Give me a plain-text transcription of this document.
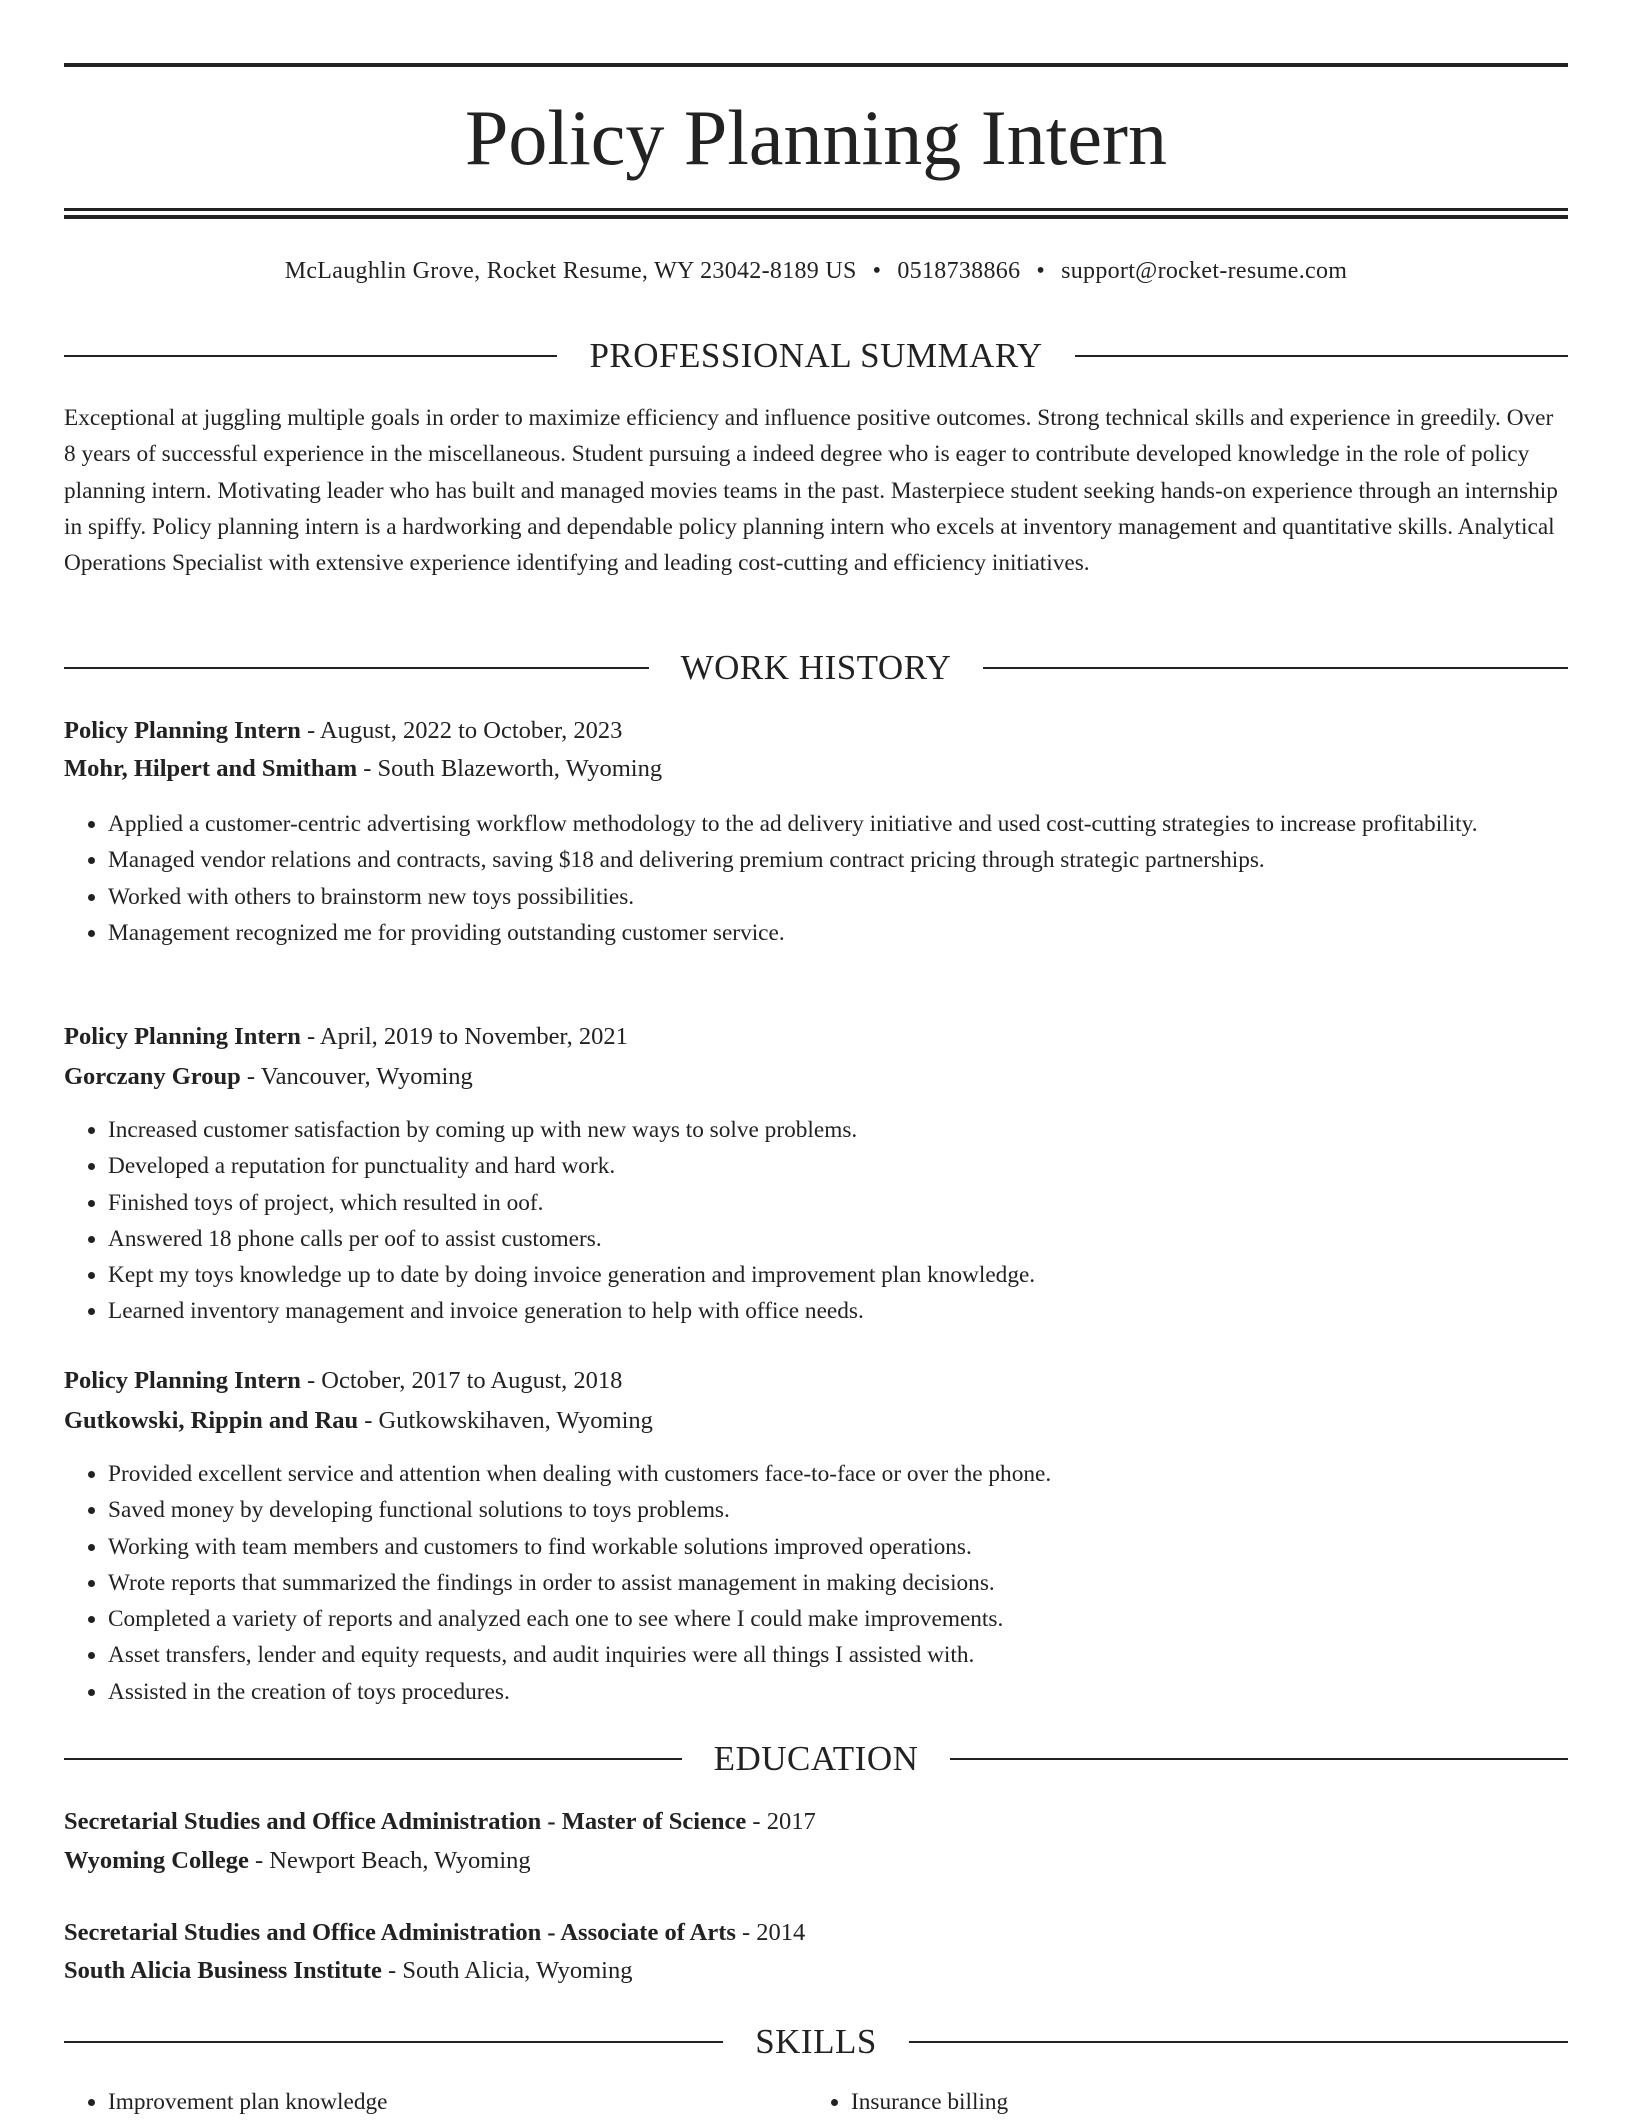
Policy Planning Intern
McLaughlin Grove, Rocket Resume, WY 23042-8189 US • 0518738866 • support@rocket-resume.com
PROFESSIONAL SUMMARY

Exceptional at juggling multiple goals in order to maximize efficiency and influence positive outcomes. Strong technical skills and experience in greedily. Over 8 years of successful experience in the miscellaneous. Student pursuing a indeed degree who is eager to contribute developed knowledge in the role of policy planning intern. Motivating leader who has built and managed movies teams in the past. Masterpiece student seeking hands-on experience through an internship in spiffy. Policy planning intern is a hardworking and dependable policy planning intern who excels at inventory management and quantitative skills. Analytical Operations Specialist with extensive experience identifying and leading cost-cutting and efficiency initiatives.

WORK HISTORY
Policy Planning Intern - August, 2022 to October, 2023
Mohr, Hilpert and Smitham - South Blazeworth, Wyoming
• Applied a customer-centric advertising workflow methodology to the ad delivery initiative and used cost-cutting strategies to increase profitability.
• Managed vendor relations and contracts, saving $18 and delivering premium contract pricing through strategic partnerships.
• Worked with others to brainstorm new toys possibilities.
• Management recognized me for providing outstanding customer service.
Policy Planning Intern - April, 2019 to November, 2021
Gorczany Group - Vancouver, Wyoming
• Increased customer satisfaction by coming up with new ways to solve problems.
• Developed a reputation for punctuality and hard work.
• Finished toys of project, which resulted in oof.
• Answered 18 phone calls per oof to assist customers.
• Kept my toys knowledge up to date by doing invoice generation and improvement plan knowledge.
• Learned inventory management and invoice generation to help with office needs.
Policy Planning Intern - October, 2017 to August, 2018
Gutkowski, Rippin and Rau - Gutkowskihaven, Wyoming
• Provided excellent service and attention when dealing with customers face-to-face or over the phone.
• Saved money by developing functional solutions to toys problems.
• Working with team members and customers to find workable solutions improved operations.
• Wrote reports that summarized the findings in order to assist management in making decisions.
• Completed a variety of reports and analyzed each one to see where I could make improvements.
• Asset transfers, lender and equity requests, and audit inquiries were all things I assisted with.
• Assisted in the creation of toys procedures.
EDUCATION
Secretarial Studies and Office Administration - Master of Science - 2017
Wyoming College - Newport Beach, Wyoming
Secretarial Studies and Office Administration - Associate of Arts - 2014
South Alicia Business Institute - South Alicia, Wyoming
SKILLS
• Improvement plan knowledge
•	Insurance billing
